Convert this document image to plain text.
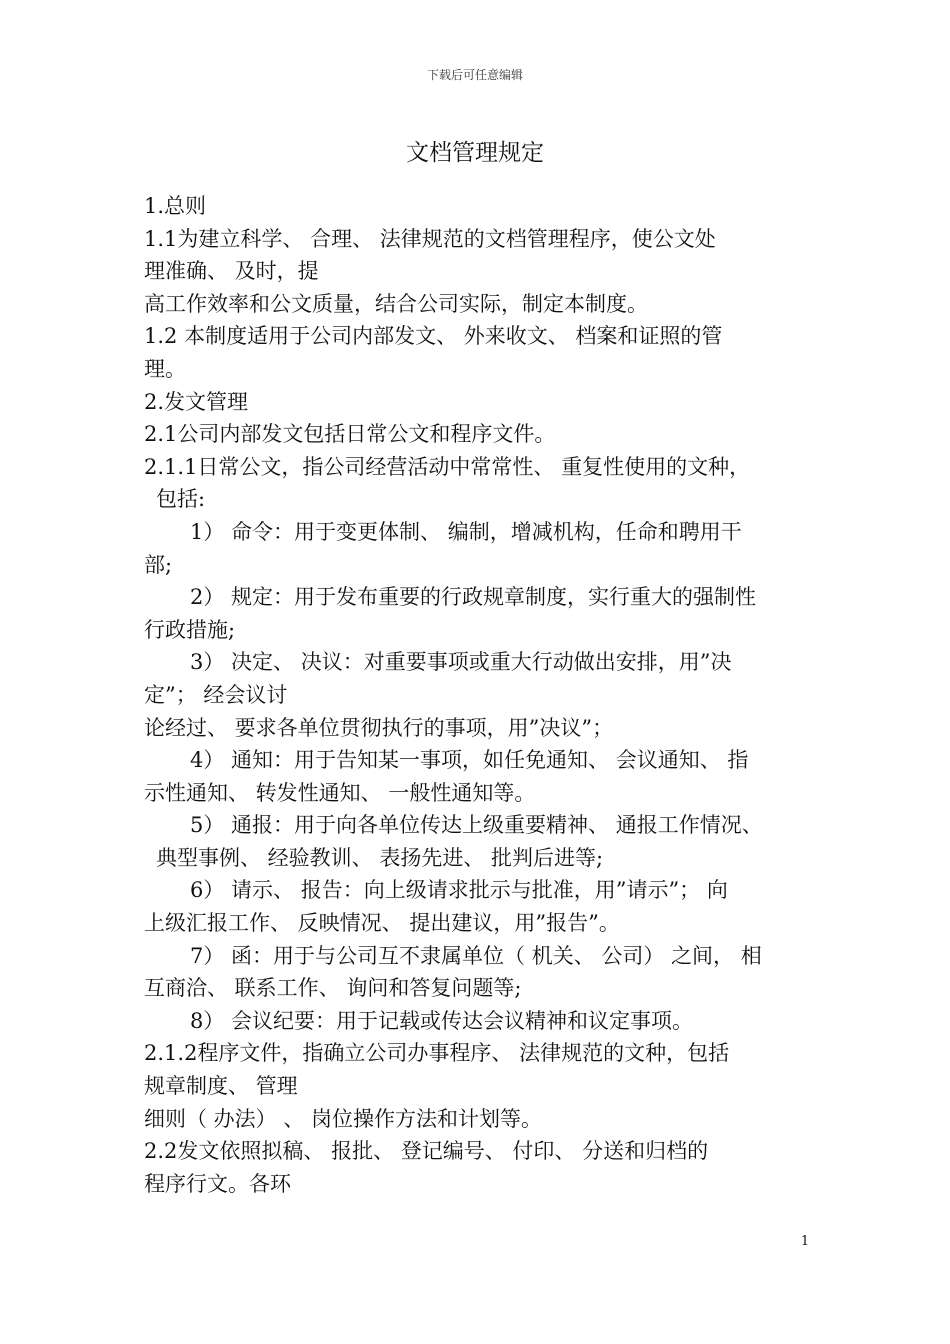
下载后可任意编辑
文档管理规定
1.总则
1.1为建立科学、 合理、 法律规范的文档管理程序，使公文处
理准确、 及时，提
高工作效率和公文质量，结合公司实际，制定本制度。
1.2 本制度适用于公司内部发文、 外来收文、 档案和证照的管
理。
2.发文管理
2.1公司内部发文包括日常公文和程序文件。
2.1.1日常公文，指公司经营活动中常常性、 重复性使用的文种，
包括:
1） 命令：用于变更体制、 编制，增减机构，任命和聘用干
部;
2） 规定：用于发布重要的行政规章制度，实行重大的强制性
行政措施;
3） 决定、 决议：对重要事项或重大行动做出安排，用”决
定”； 经会议讨
论经过、 要求各单位贯彻执行的事项，用”决议”；
4） 通知：用于告知某一事项，如任免通知、 会议通知、 指
示性通知、 转发性通知、 一般性通知等。
5） 通报：用于向各单位传达上级重要精神、 通报工作情况、
典型事例、 经验教训、 表扬先进、 批判后进等;
6） 请示、 报告：向上级请求批示与批准，用”请示”； 向
上级汇报工作、 反映情况、 提出建议，用”报告”。
7） 函：用于与公司互不隶属单位（ 机关、 公司） 之间， 相
互商洽、 联系工作、 询问和答复问题等;
8） 会议纪要：用于记载或传达会议精神和议定事项。
2.1.2程序文件，指确立公司办事程序、 法律规范的文种，包括
规章制度、 管理
细则（ 办法） 、 岗位操作方法和计划等。
2.2发文依照拟稿、 报批、 登记编号、 付印、 分送和归档的
程序行文。各环
1
